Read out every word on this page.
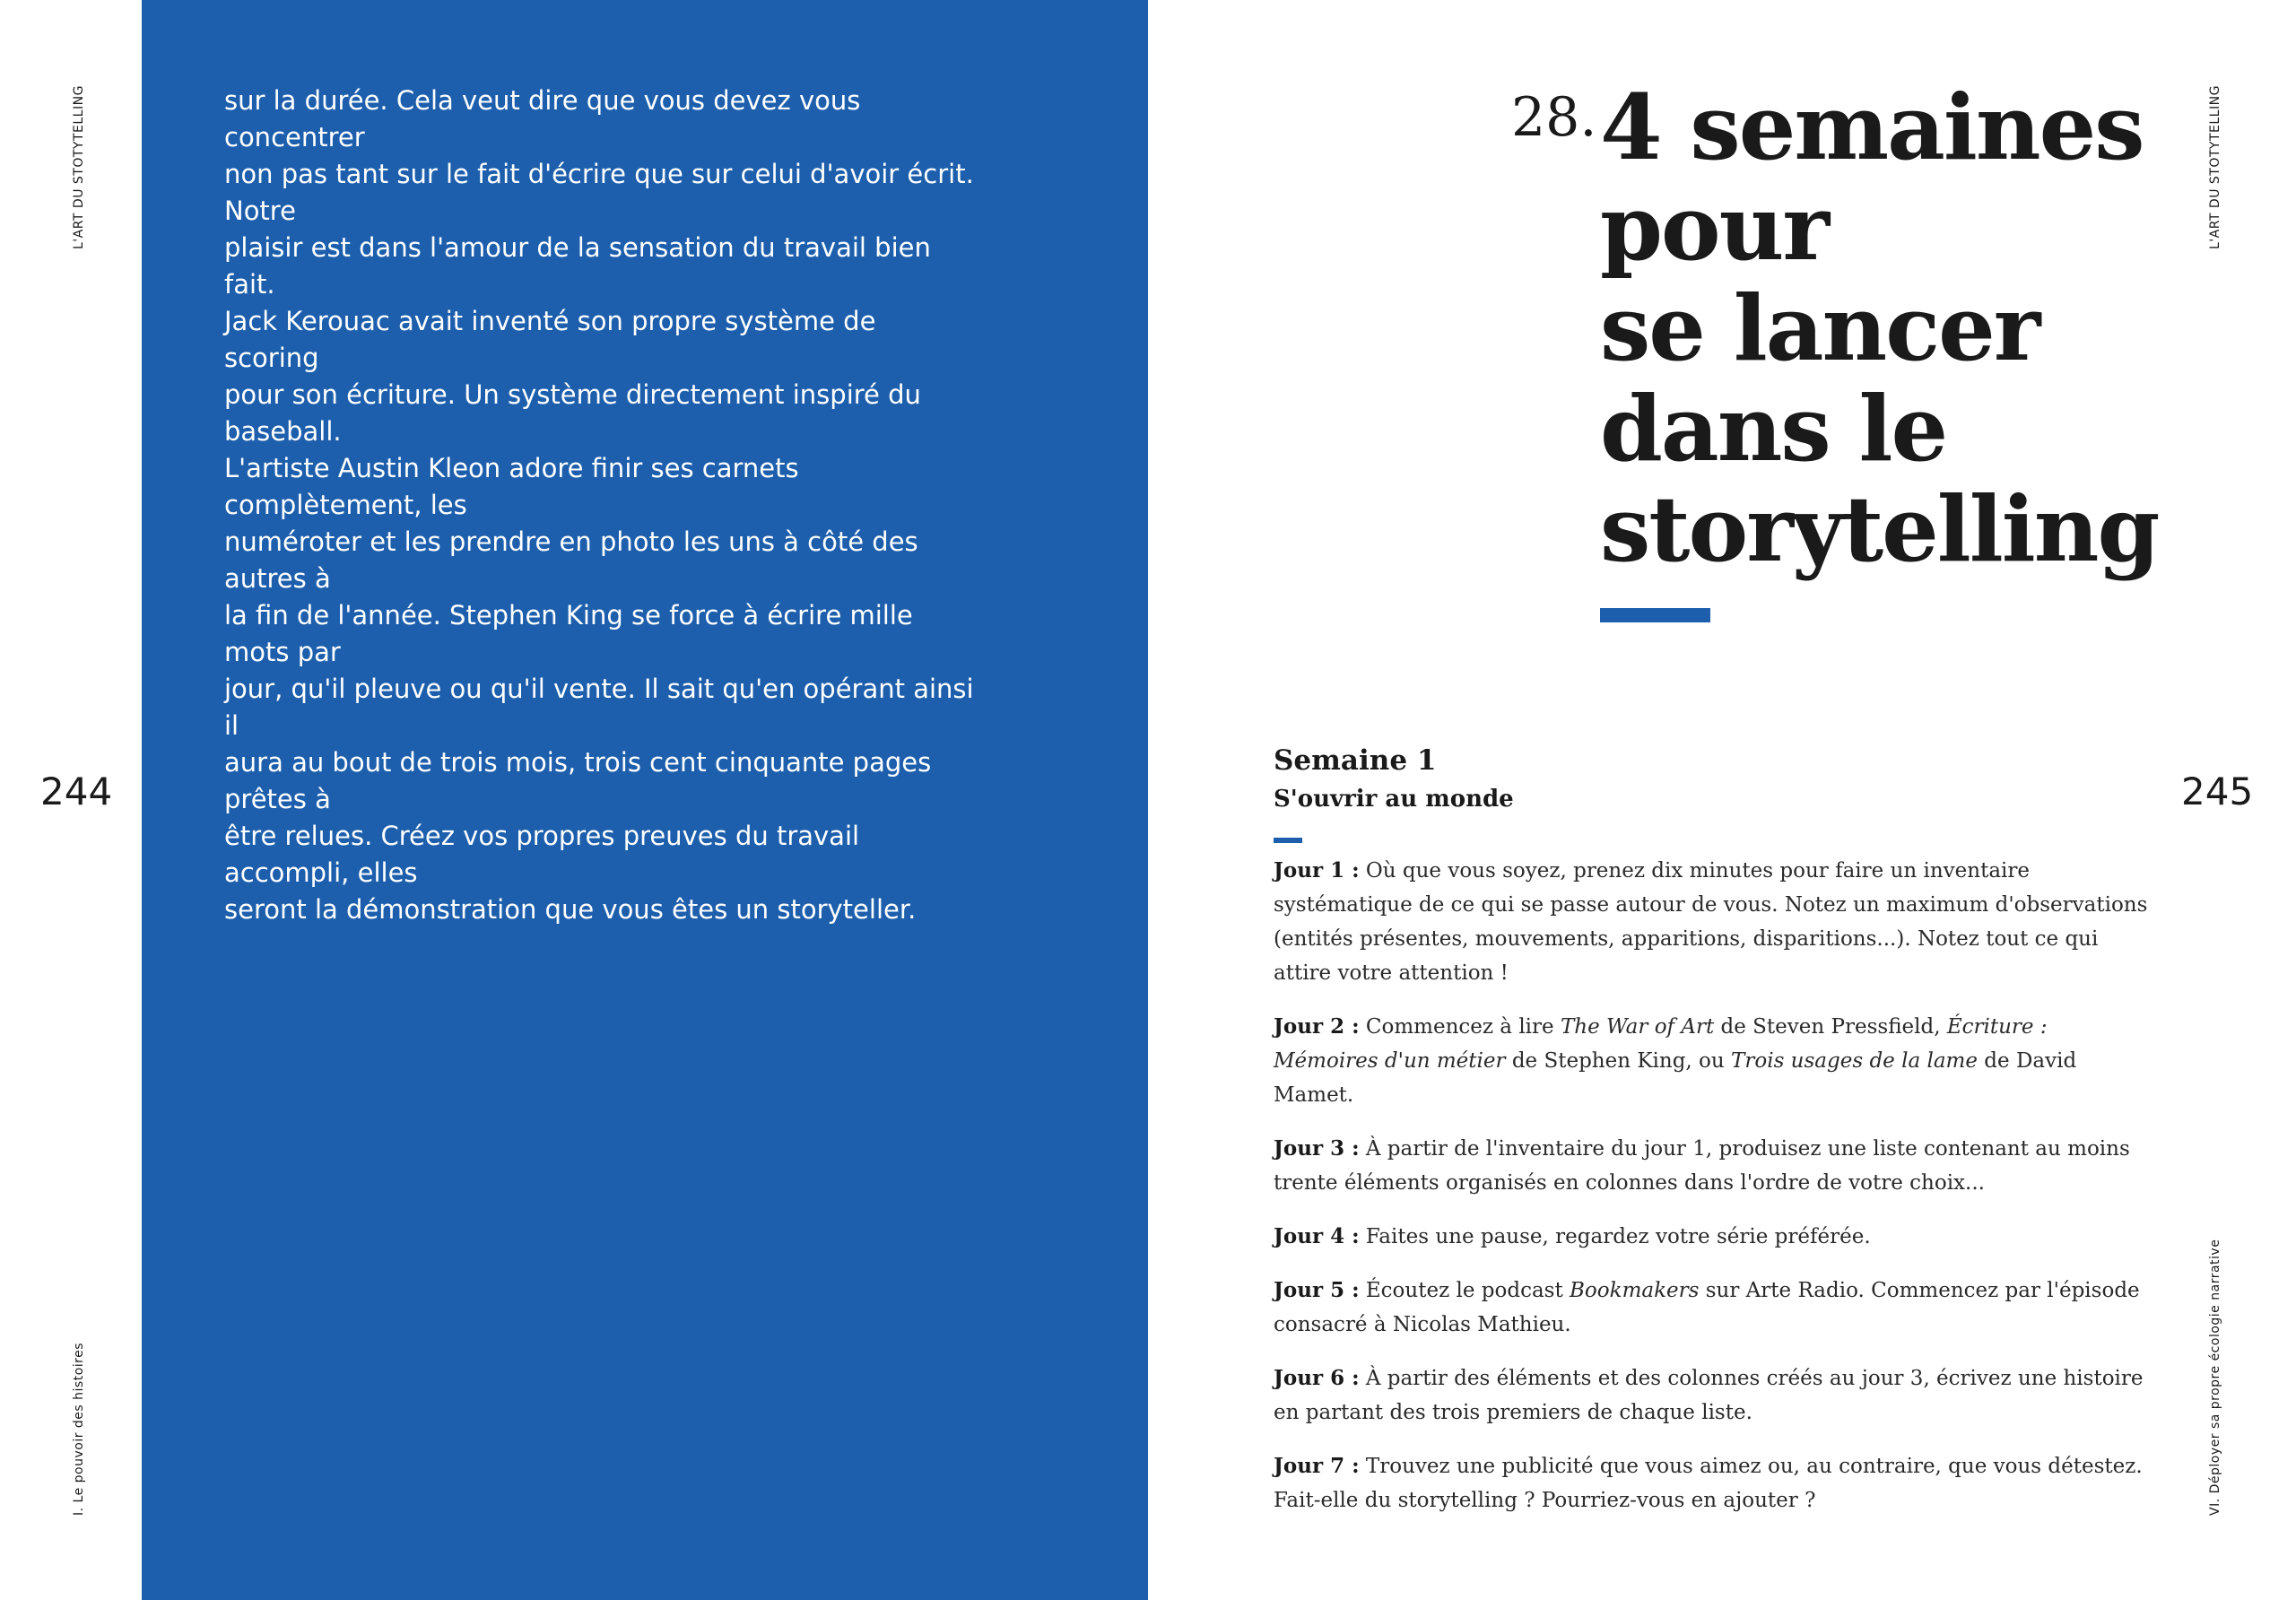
L'ART DU STOTYTELLING
244
I. Le pouvoir des histoires

sur la durée. Cela veut dire que vous devez vous concentrer
non pas tant sur le fait d'écrire que sur celui d'avoir écrit. Notre
plaisir est dans l'amour de la sensation du travail bien fait.
Jack Kerouac avait inventé son propre système de scoring
pour son écriture. Un système directement inspiré du baseball.
L'artiste Austin Kleon adore finir ses carnets complètement, les
numéroter et les prendre en photo les uns à côté des autres à
la fin de l'année. Stephen King se force à écrire mille mots par
jour, qu'il pleuve ou qu'il vente. Il sait qu'en opérant ainsi il
aura au bout de trois mois, trois cent cinquante pages prêtes à
être relues. Créez vos propres preuves du travail accompli, elles
seront la démonstration que vous êtes un storyteller.

28. 4 semaines
pour
se lancer
dans le
storytelling
Semaine 1
S'ouvrir au monde

Jour 1 : Où que vous soyez, prenez dix minutes pour faire un inventaire systématique de ce qui se passe autour de vous. Notez un maximum d'observations (entités présentes, mouvements, apparitions, disparitions...). Notez tout ce qui attire votre attention !

Jour 2 : Commencez à lire The War of Art de Steven Pressfield, Écriture : Mémoires d'un métier de Stephen King, ou Trois usages de la lame de David Mamet.

Jour 3 : À partir de l'inventaire du jour 1, produisez une liste contenant au moins trente éléments organisés en colonnes dans l'ordre de votre choix...

Jour 4 : Faites une pause, regardez votre série préférée.

Jour 5 : Écoutez le podcast Bookmakers sur Arte Radio. Commencez par l'épisode consacré à Nicolas Mathieu.

Jour 6 : À partir des éléments et des colonnes créés au jour 3, écrivez une histoire en partant des trois premiers de chaque liste.

Jour 7 : Trouvez une publicité que vous aimez ou, au contraire, que vous détestez. Fait-elle du storytelling ? Pourriez-vous en ajouter ?

L'ART DU STOTYTELLING
245
VI. Déployer sa propre écologie narrative
